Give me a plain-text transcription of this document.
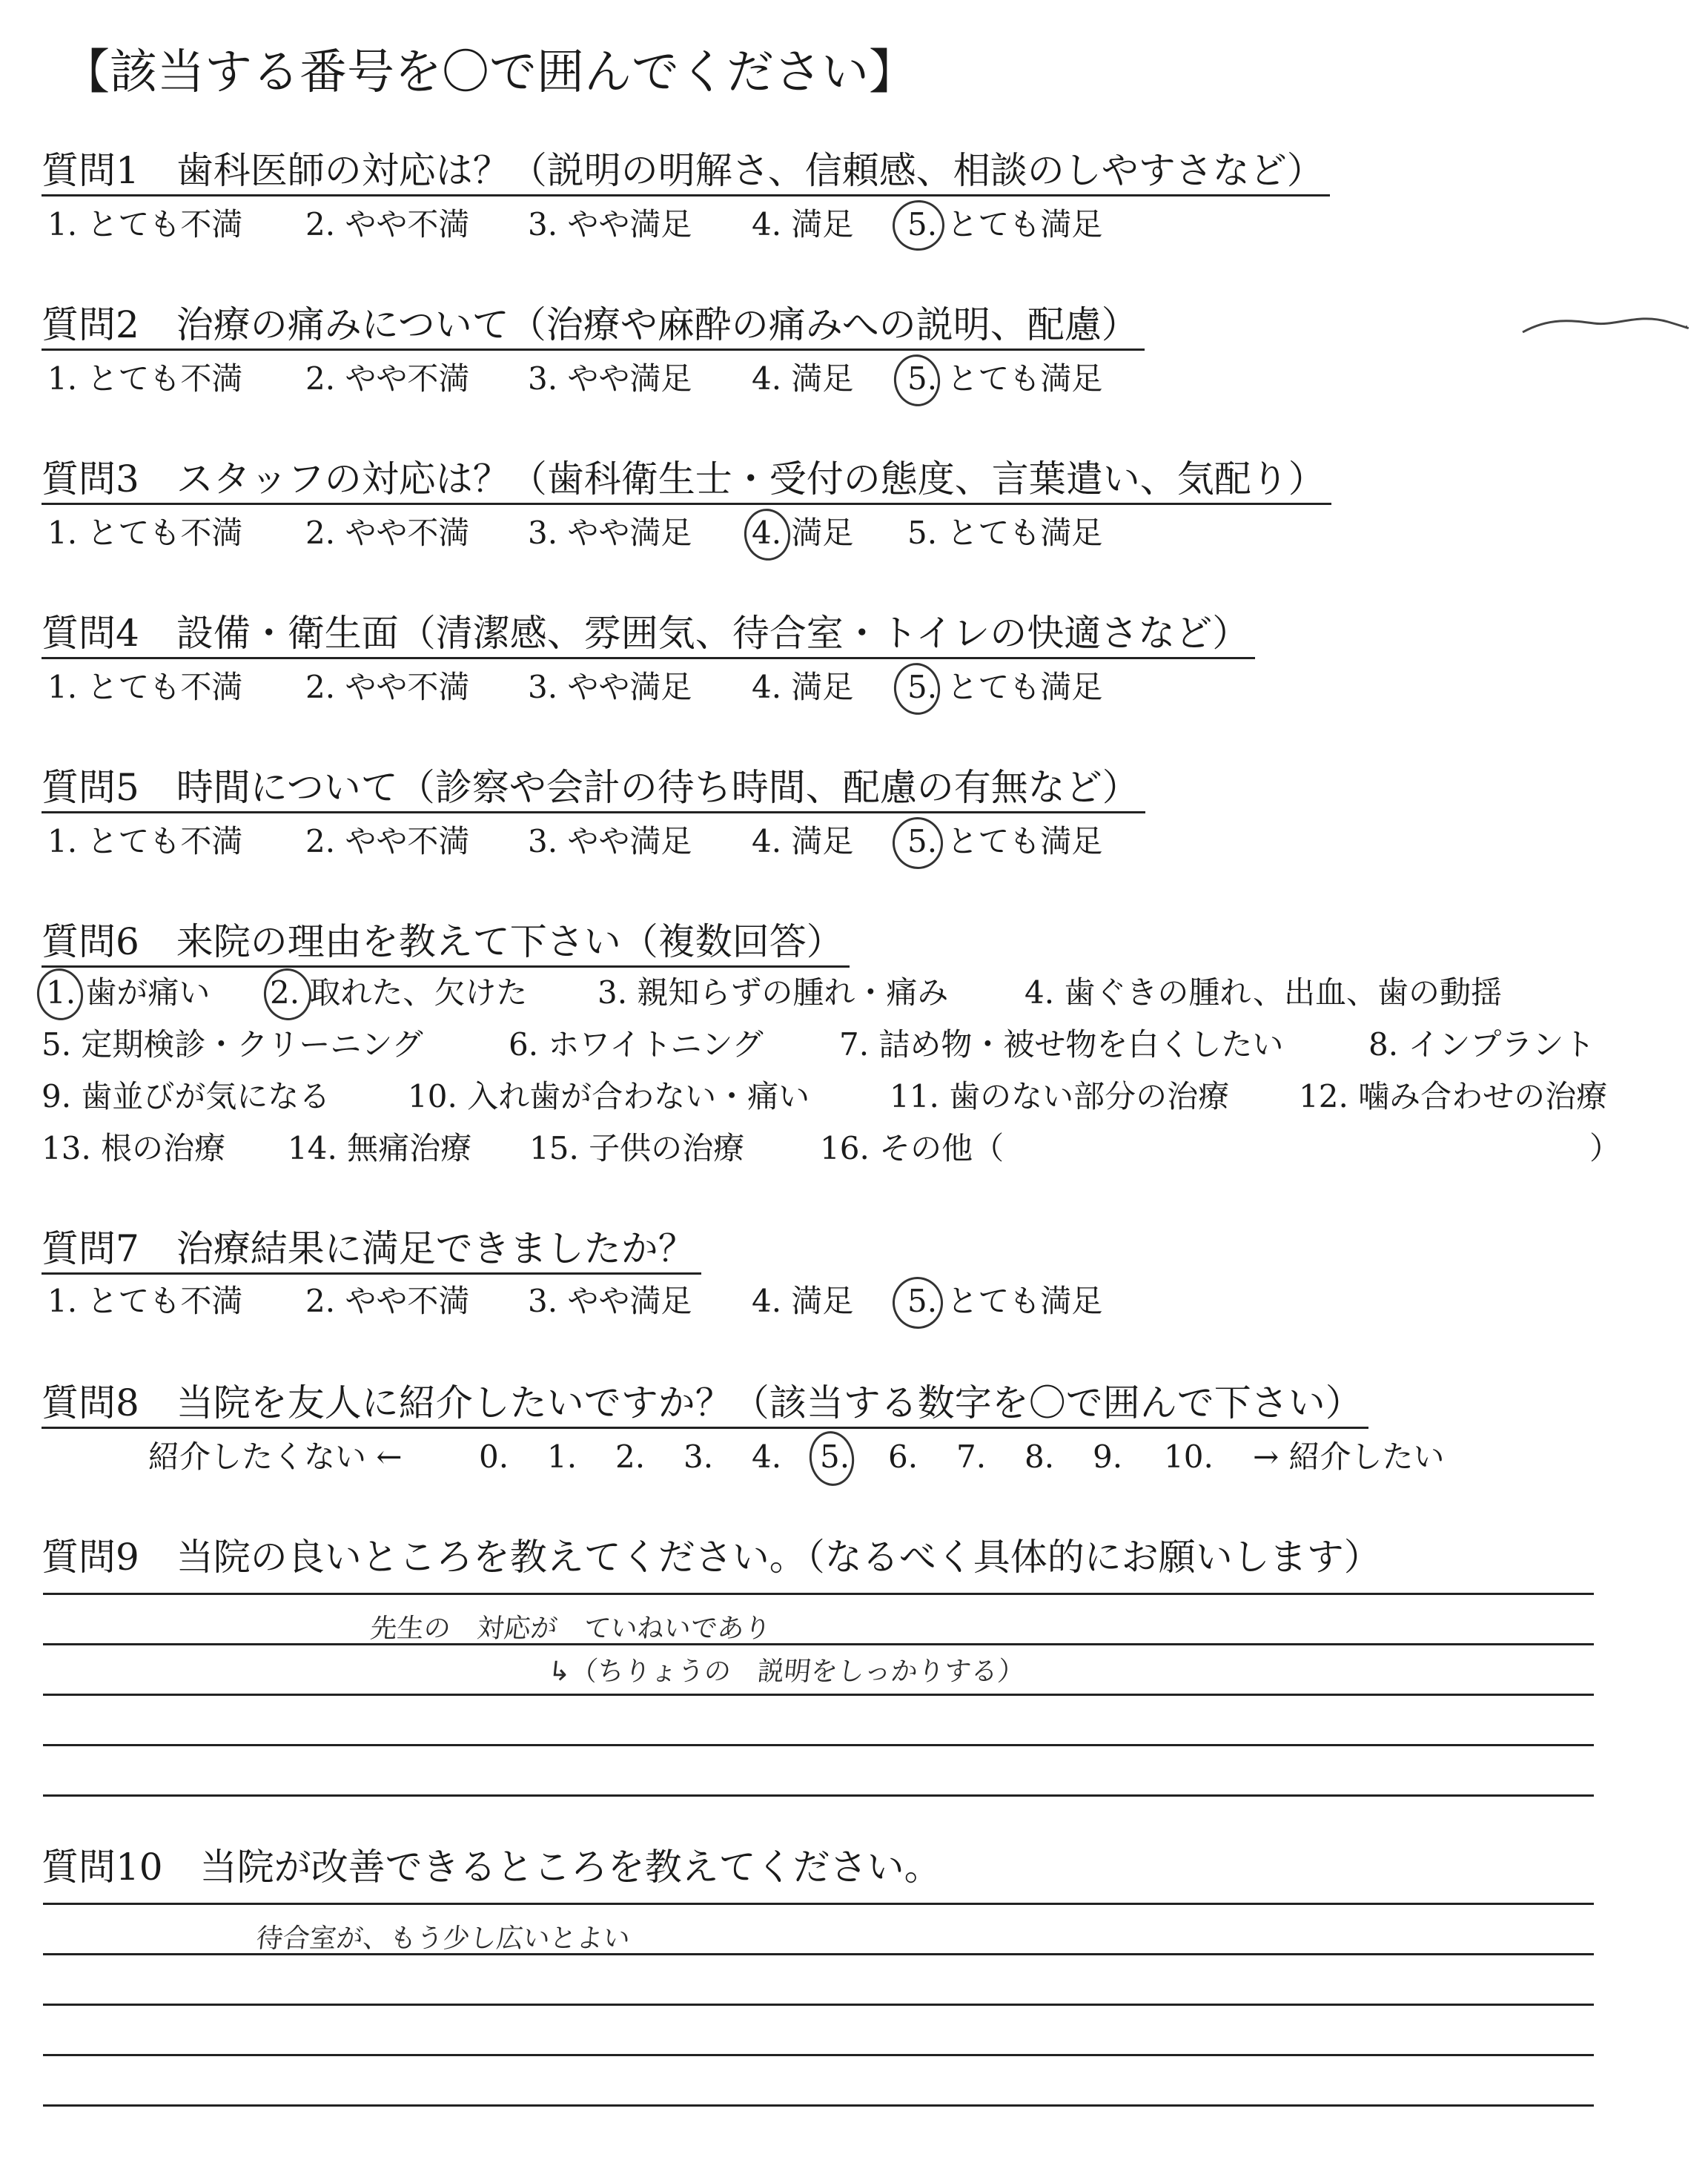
【該当する番号を〇で囲んでください】
質問1　歯科医師の対応は？（説明の明解さ、信頼感、相談のしやすさなど）
1. とても不満 2. やや不満 3. やや満足 4. 満足 5. とても満足
質問2　治療の痛みについて（治療や麻酔の痛みへの説明、配慮）
1. とても不満 2. やや不満 3. やや満足 4. 満足 5. とても満足
質問3　スタッフの対応は？（歯科衛生士・受付の態度、言葉遣い、気配り）
1. とても不満 2. やや不満 3. やや満足 4. 満足 5. とても満足
質問4　設備・衛生面（清潔感、雰囲気、待合室・トイレの快適さなど）
1. とても不満 2. やや不満 3. やや満足 4. 満足 5. とても満足
質問5　時間について（診察や会計の待ち時間、配慮の有無など）
1. とても不満 2. やや不満 3. やや満足 4. 満足 5. とても満足
質問6　来院の理由を教えて下さい（複数回答）
1. 歯が痛い 2. 取れた、欠けた 3. 親知らずの腫れ・痛み 4. 歯ぐきの腫れ、出血、歯の動揺
5. 定期検診・クリーニング	6. ホワイトニング 7. 詰め物・被せ物を白くしたい	8. インプラント
9. 歯並びが気になる 10. 入れ歯が合わない・痛い	11. 歯のない部分の治療 12. 噛み合わせの治療
13. 根の治療 14. 無痛治療 15. 子供の治療 16. その他（	）
質問7　治療結果に満足できましたか？
1. とても不満 2. やや不満 3. やや満足 4. 満足 5. とても満足
質問8　当院を友人に紹介したいですか？（該当する数字を〇で囲んで下さい）
紹介したくない ← 0. 1. 2. 3. 4. 5. 6. 7. 8. 9. 10. → 紹介したい
質問9　当院の良いところを教えてください。（なるべく具体的にお願いします）
先生の　対応が　ていねいであり
↳（ちりょうの　説明をしっかりする）
質問10　当院が改善できるところを教えてください。
待合室が、もう少し広いとよい
